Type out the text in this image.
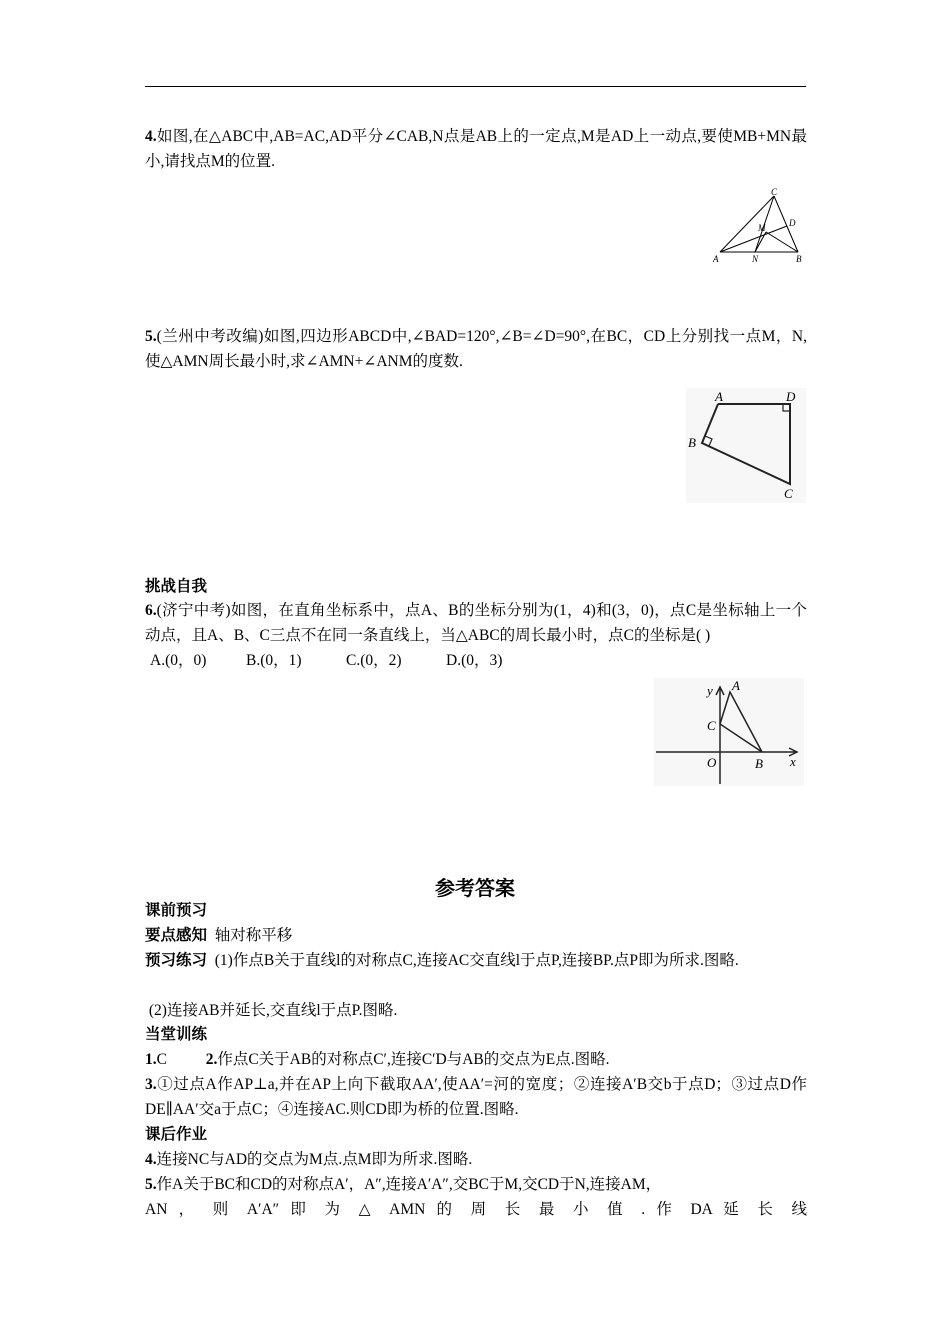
4.如图,在△ABC中,AB=AC,AD平分∠CAB,N点是AB上的一定点,M是AD上一动点,要使MB+MN最小,请找点M的位置.
C
D
M
A	N	B
5.(兰州中考改编)如图,四边形ABCD中,∠BAD=120°,∠B=∠D=90°,在BC，CD上分别找一点M，N,使△AMN周长最小时,求∠AMN+∠ANM的度数.
A	D
B
C
挑战自我
6.(济宁中考)如图，在直角坐标系中，点A、B的坐标分别为(1，4)和(3，0)，点C是坐标轴上一个动点，且A、B、C三点不在同一条直线上，当△ABC的周长最小时，点C的坐标是( )
A.(0，0)	B.(0，1)	C.(0，2)	D.(0，3)
y
x
A
C
O	B
参考答案
课前预习
要点感知 轴对称平移
预习练习 (1)作点B关于直线l的对称点C,连接AC交直线l于点P,连接BP.点P即为所求.图略.
(2)连接AB并延长,交直线l于点P.图略.
当堂训练
1.C	2.作点C关于AB的对称点C′,连接C′D与AB的交点为E点.图略.
3.①过点A作AP⊥a,并在AP上向下截取AA′,使AA′=河的宽度；②连接A′B交b于点D；③过点D作DE∥AA′交a于点C；④连接AC.则CD即为桥的位置.图略.
课后作业
4.连接NC与AD的交点为M点.点M即为所求.图略.
5.作A关于BC和CD的对称点A′，A″,连接A′A″,交BC于M,交CD于N,连接AM，
AN ， 则 A′A″ 即 为 △ AMN 的 周 长 最 小 值 . 作 DA 延 长 线
